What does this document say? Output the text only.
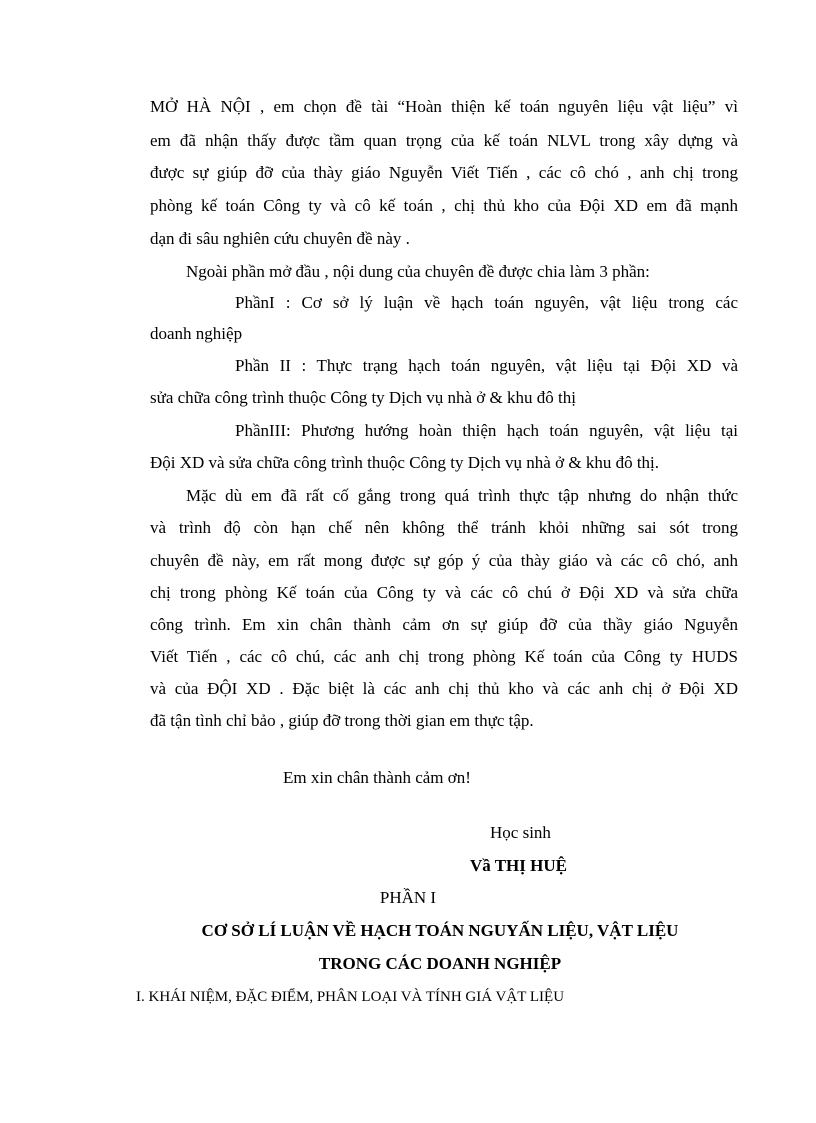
MỞ HÀ NỘI , em chọn đề tài “Hoàn thiện kế toán nguyên liệu vật liệu” vì
em đã nhận thấy được tầm quan trọng của kế toán NLVL trong xây dựng và
được sự giúp đỡ của thày giáo Nguyễn Viết Tiến , các cô chó , anh chị trong
phòng kế toán Công ty và cô kế toán , chị thủ kho của Đội XD em đã mạnh
dạn đi sâu nghiên cứu chuyên đề này .
Ngoài phần mở đầu , nội dung của chuyên đề được chia làm 3 phần:
PhầnI : Cơ sở lý luận về hạch toán nguyên, vật liệu trong các
doanh nghiệp
Phần II : Thực trạng hạch toán nguyên, vật liệu tại Đội XD và
sửa chữa công trình thuộc Công ty Dịch vụ nhà ở & khu đô thị
PhầnIII: Phương hướng hoàn thiện hạch toán nguyên, vật liệu tại
Đội XD và sửa chữa công trình thuộc Công ty Dịch vụ nhà ở & khu đô thị.
Mặc dù em đã rất cố gắng trong quá trình thực tập nhưng do nhận thức
và trình độ còn hạn chế nên không thể tránh khỏi những sai sót trong
chuyên đề này, em rất mong được sự góp ý của thày giáo và các cô chó, anh
chị trong phòng Kế toán của Công ty và các cô chú ở Đội XD và sửa chữa
công trình. Em xin chân thành cảm ơn sự giúp đỡ của thầy giáo Nguyễn
Viết Tiến , các cô chú, các anh chị trong phòng Kế toán của Công ty HUDS
và của ĐỘI XD . Đặc biệt là các anh chị thủ kho và các anh chị ở Đội XD
đã tận tình chỉ bảo , giúp đỡ trong thời gian em thực tập.
Em xin chân thành cảm ơn!
Học sinh
Vầ THỊ HUỆ
PHẦN I
CƠ SỞ LÍ LUẬN VỀ HẠCH TOÁN NGUYẤN LIỆU, VẬT LIỆU
TRONG CÁC DOANH NGHIỆP
I. KHÁI NIỆM, ĐẶC ĐIỂM, PHÂN LOẠI VÀ TÍNH GIÁ VẬT LIỆU
